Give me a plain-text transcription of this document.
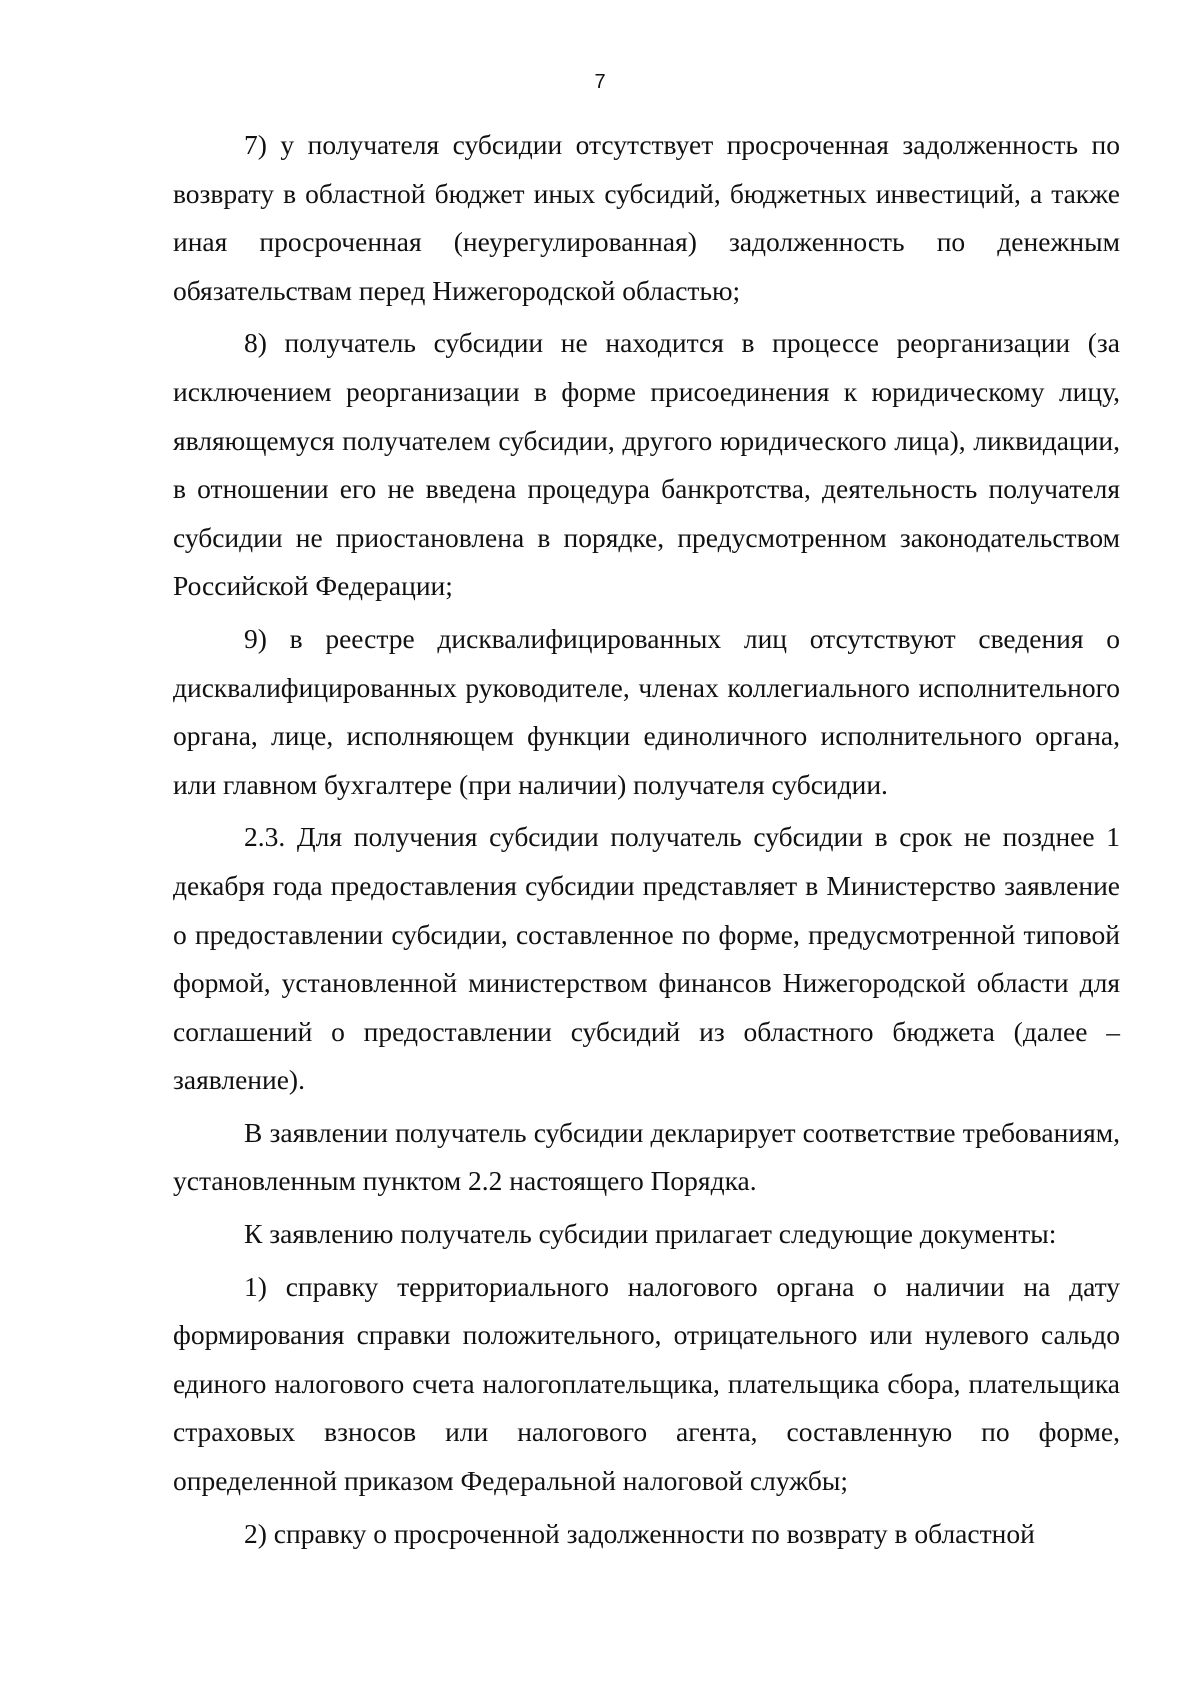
7

7) у получателя субсидии отсутствует просроченная задолженность по возврату в областной бюджет иных субсидий, бюджетных инвестиций, а также иная просроченная (неурегулированная) задолженность по денежным обязательствам перед Нижегородской областью;

8) получатель субсидии не находится в процессе реорганизации (за исключением реорганизации в форме присоединения к юридическому лицу, являющемуся получателем субсидии, другого юридического лица), ликвидации, в отношении его не введена процедура банкротства, деятельность получателя субсидии не приостановлена в порядке, предусмотренном законодательством Российской Федерации;

9) в реестре дисквалифицированных лиц отсутствуют сведения о дисквалифицированных руководителе, членах коллегиального исполнительного органа, лице, исполняющем функции единоличного исполнительного органа, или главном бухгалтере (при наличии) получателя субсидии.

2.3. Для получения субсидии получатель субсидии в срок не позднее 1 декабря года предоставления субсидии представляет в Министерство заявление о предоставлении субсидии, составленное по форме, предусмотренной типовой формой, установленной министерством финансов Нижегородской области для соглашений о предоставлении субсидий из областного бюджета (далее – заявление).

В заявлении получатель субсидии декларирует соответствие требованиям, установленным пунктом 2.2 настоящего Порядка.

К заявлению получатель субсидии прилагает следующие документы:

1) справку территориального налогового органа о наличии на дату формирования справки положительного, отрицательного или нулевого сальдо единого налогового счета налогоплательщика, плательщика сбора, плательщика страховых взносов или налогового агента, составленную по форме, определенной приказом Федеральной налоговой службы;

2) справку о просроченной задолженности по возврату в областной
